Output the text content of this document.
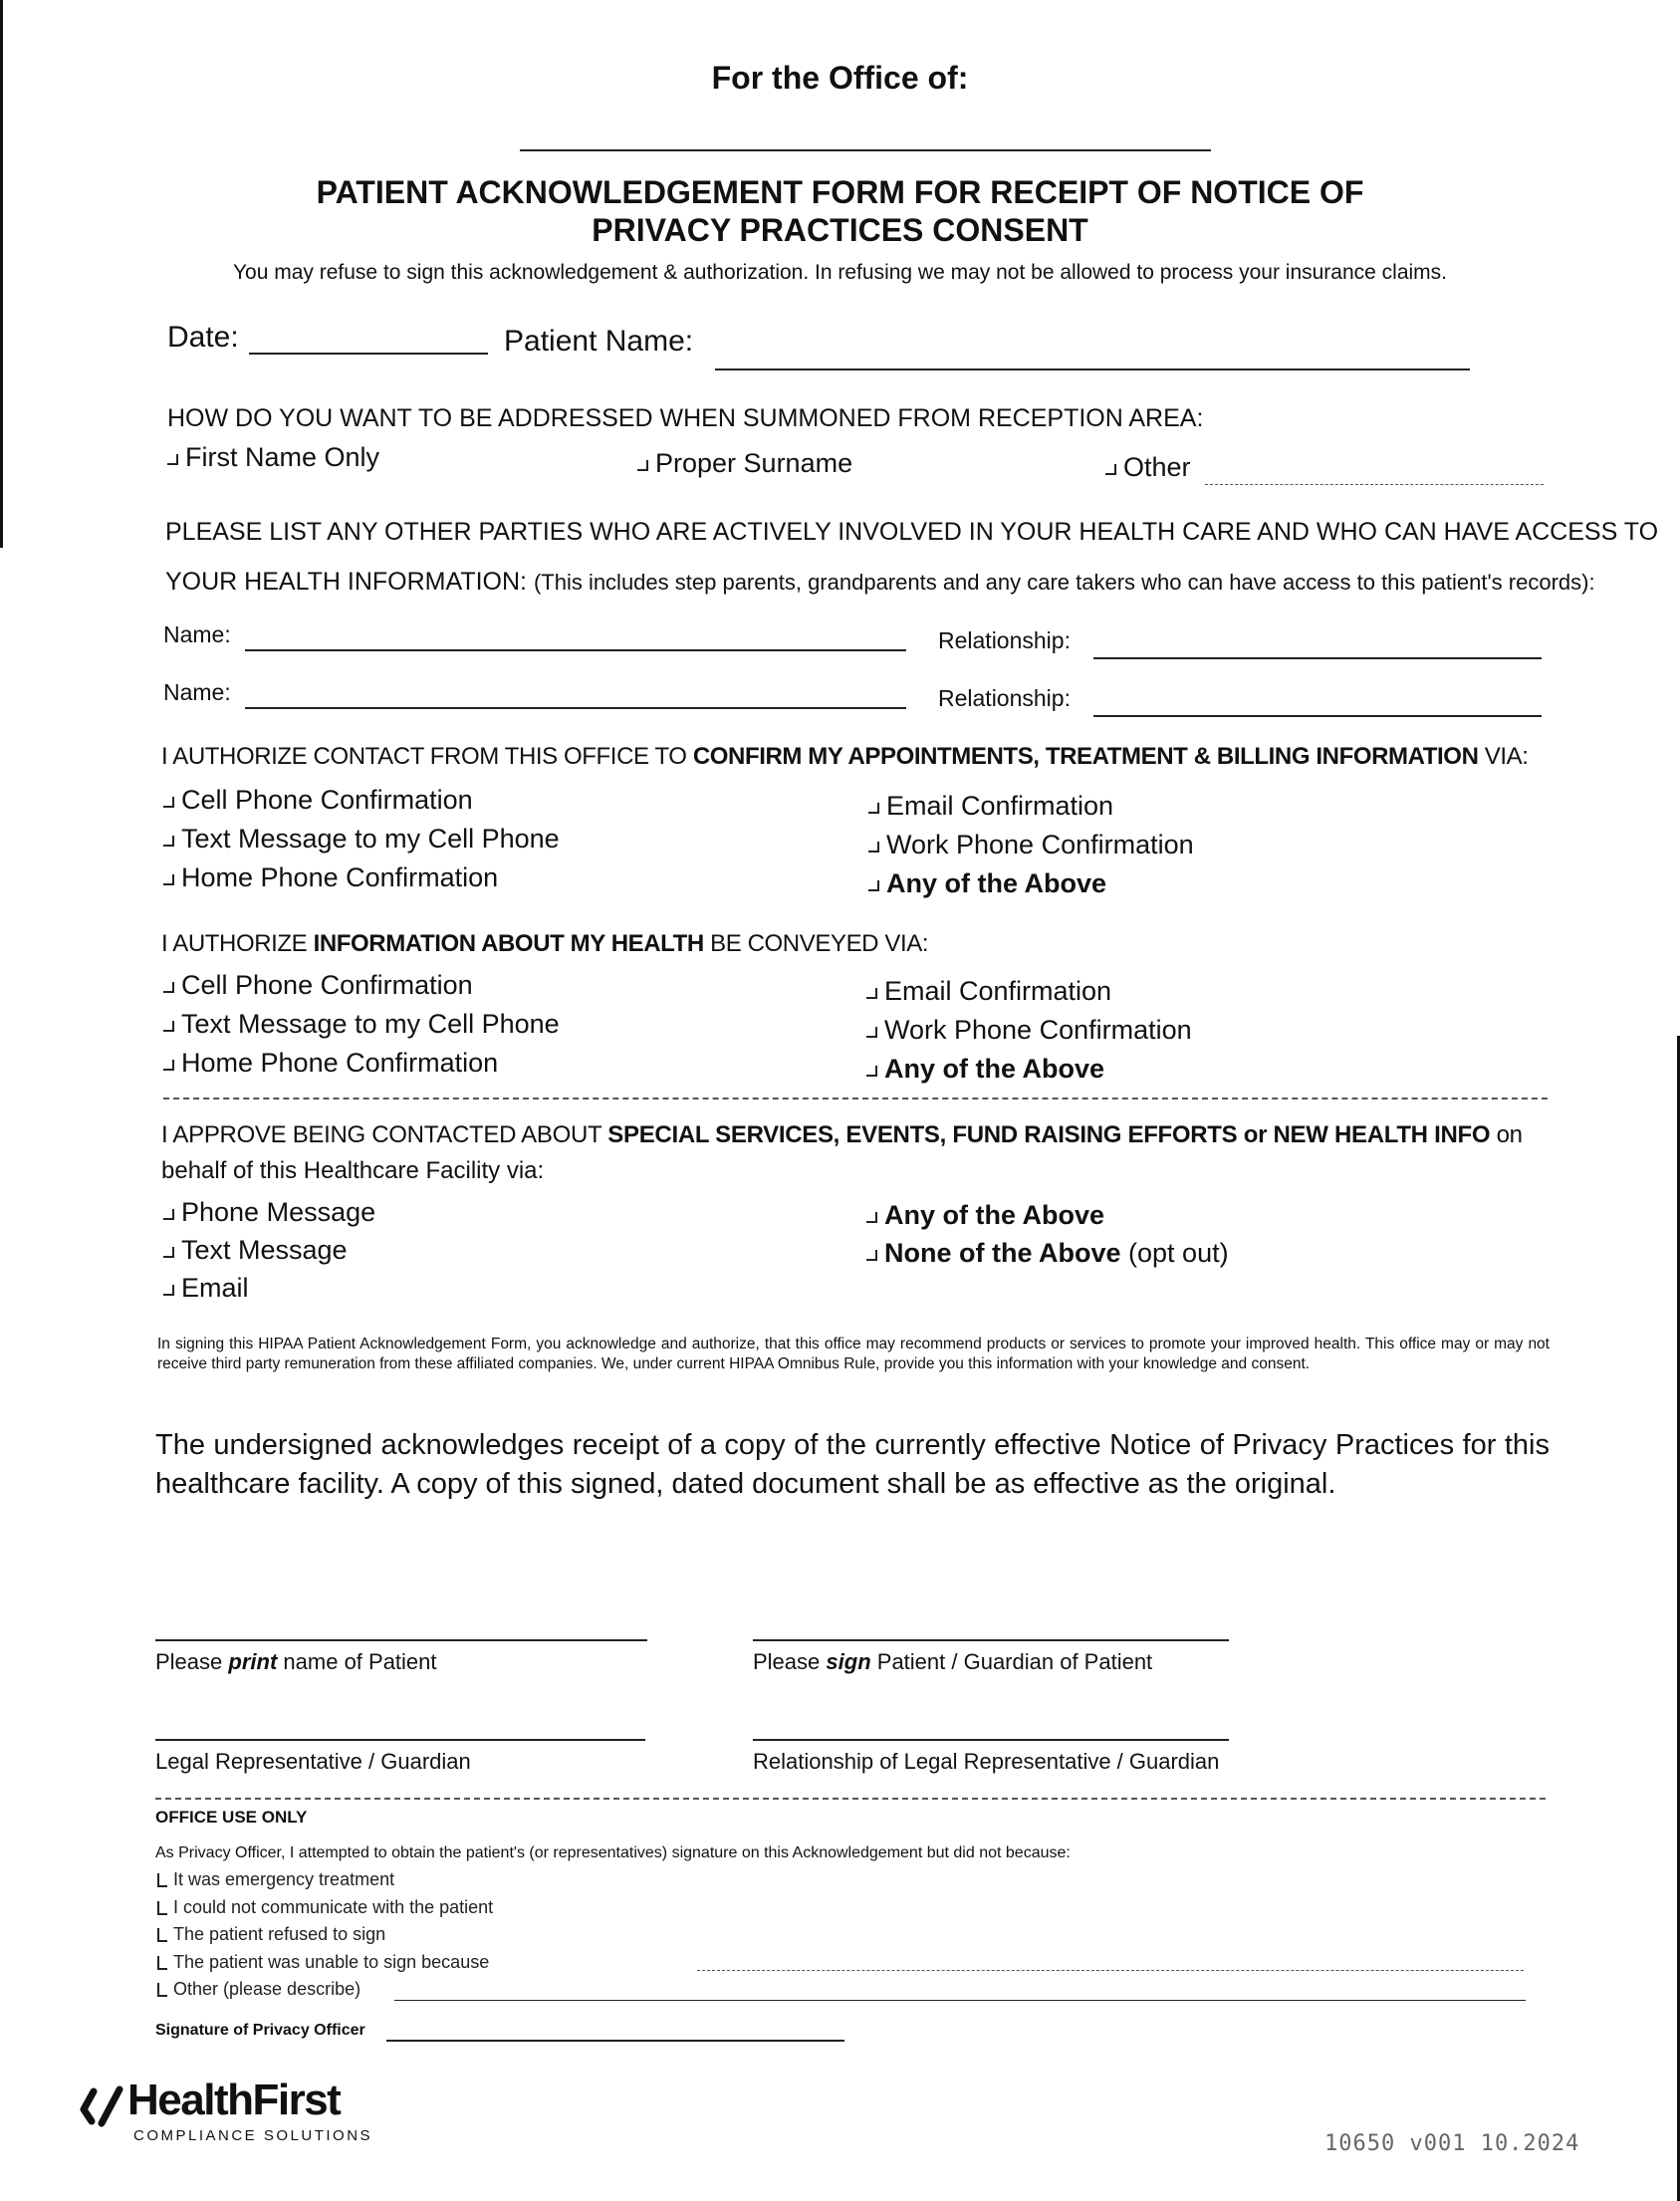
For the Office of:
PATIENT ACKNOWLEDGEMENT FORM FOR RECEIPT OF NOTICE OF
PRIVACY PRACTICES CONSENT
You may refuse to sign this acknowledgement & authorization. In refusing we may not be allowed to process your insurance claims.
Date:	Patient Name:
HOW DO YOU WANT TO BE ADDRESSED WHEN SUMMONED FROM RECEPTION AREA:
First Name Only	Proper Surname	Other
PLEASE LIST ANY OTHER PARTIES WHO ARE ACTIVELY INVOLVED IN YOUR HEALTH CARE AND WHO CAN HAVE ACCESS TO
YOUR HEALTH INFORMATION: (This includes step parents, grandparents and any care takers who can have access to this patient's records):
Name:	Relationship:
Name:	Relationship:
I AUTHORIZE CONTACT FROM THIS OFFICE TO CONFIRM MY APPOINTMENTS, TREATMENT & BILLING INFORMATION VIA:
Cell Phone Confirmation
Text Message to my Cell Phone
Home Phone Confirmation
Email Confirmation
Work Phone Confirmation
Any of the Above
I AUTHORIZE INFORMATION ABOUT MY HEALTH BE CONVEYED VIA:
Cell Phone Confirmation
Text Message to my Cell Phone
Home Phone Confirmation
Email Confirmation
Work Phone Confirmation
Any of the Above
I APPROVE BEING CONTACTED ABOUT SPECIAL SERVICES, EVENTS, FUND RAISING EFFORTS or NEW HEALTH INFO on
behalf of this Healthcare Facility via:
Phone Message
Text Message
Email
Any of the Above
None of the Above
(opt out)
In signing this HIPAA Patient Acknowledgement Form, you acknowledge and authorize, that this office may recommend products or services to promote your improved health. This office may or may not receive third party remuneration from these affiliated companies. We, under current HIPAA Omnibus Rule, provide you this information with your knowledge and consent.
The undersigned acknowledges receipt of a copy of the currently effective Notice of Privacy Practices for this healthcare facility. A copy of this signed, dated document shall be as effective as the original.
Please print name of Patient	Please sign Patient / Guardian of Patient
Legal Representative / Guardian	Relationship of Legal Representative / Guardian
OFFICE USE ONLY
As Privacy Officer, I attempted to obtain the patient's (or representatives) signature on this Acknowledgement but did not because:
It was emergency treatment
I could not communicate with the patient
The patient refused to sign
The patient was unable to sign because
Other (please describe)
Signature of Privacy Officer
HealthFirst
COMPLIANCE SOLUTIONS	10650 v001 10.2024
